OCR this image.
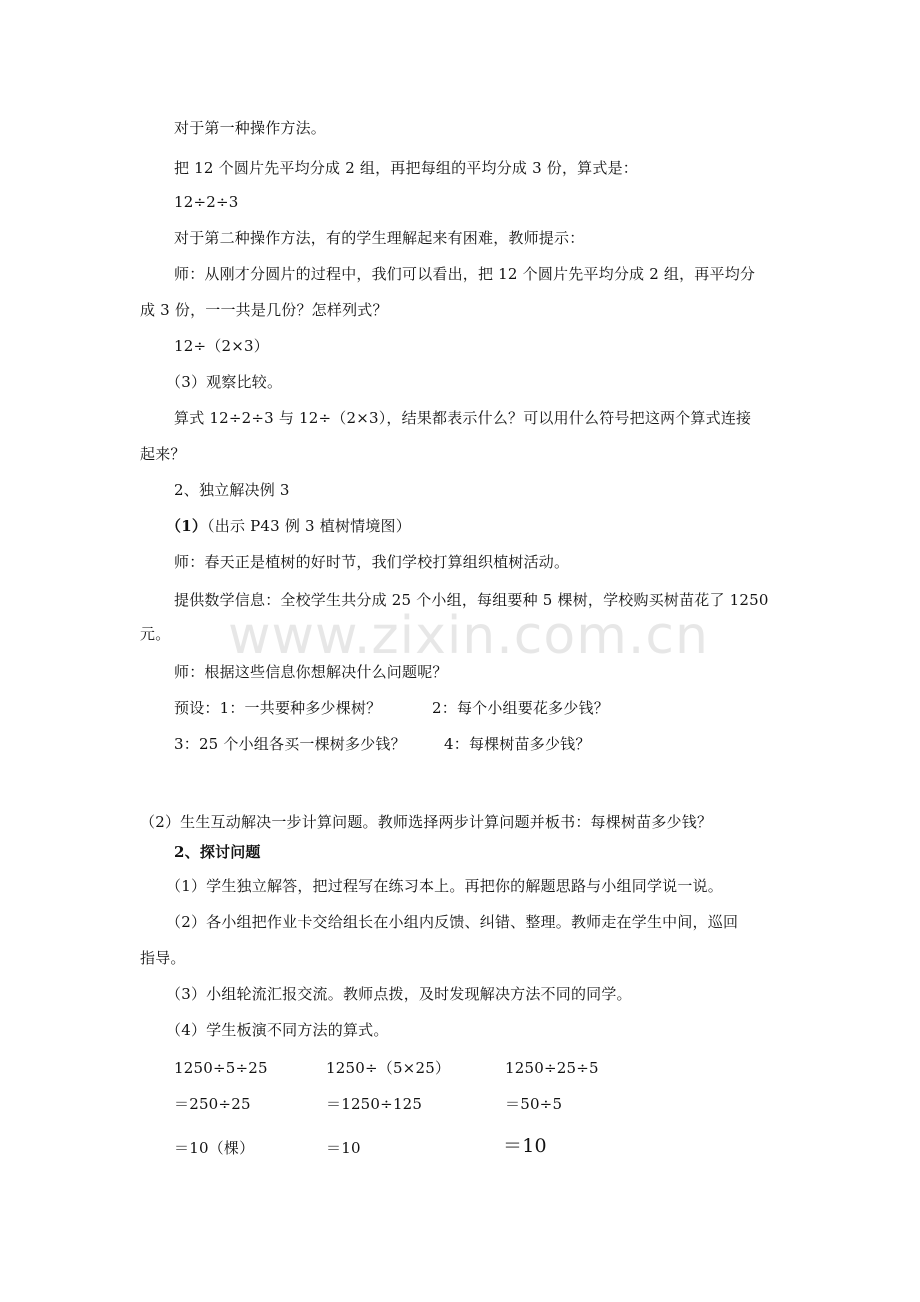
对于第一种操作方法。
把 12 个圆片先平均分成 2 组，再把每组的平均分成 3 份，算式是：
12÷2÷3
对于第二种操作方法，有的学生理解起来有困难，教师提示：
师：从刚才分圆片的过程中，我们可以看出，把 12 个圆片先平均分成 2 组，再平均分
成 3 份，一一共是几份？怎样列式？
12÷（2×3）
（3）观察比较。
算式 12÷2÷3 与 12÷（2×3），结果都表示什么？可以用什么符号把这两个算式连接
起来？
2、独立解决例 3
（1）（出示 P43 例 3 植树情境图）
师：春天正是植树的好时节，我们学校打算组织植树活动。
提供数学信息：全校学生共分成 25 个小组，每组要种 5 棵树，学校购买树苗花了 1250
元。
师：根据这些信息你想解决什么问题呢？
预设：1：一共要种多少棵树？	2：每个小组要花多少钱？
3：25 个小组各买一棵树多少钱？	4：每棵树苗多少钱？
（2）生生互动解决一步计算问题。教师选择两步计算问题并板书：每棵树苗多少钱？
2、探讨问题
（1）学生独立解答，把过程写在练习本上。再把你的解题思路与小组同学说一说。
（2）各小组把作业卡交给组长在小组内反馈、纠错、整理。教师走在学生中间，巡回
指导。
（3）小组轮流汇报交流。教师点拨，及时发现解决方法不同的同学。
（4）学生板演不同方法的算式。
1250÷5÷25
＝250÷25
＝10（棵）
1250÷（5×25）
＝1250÷125
＝10
1250÷25÷5
＝50÷5
＝10
www.zixin.com.cn
